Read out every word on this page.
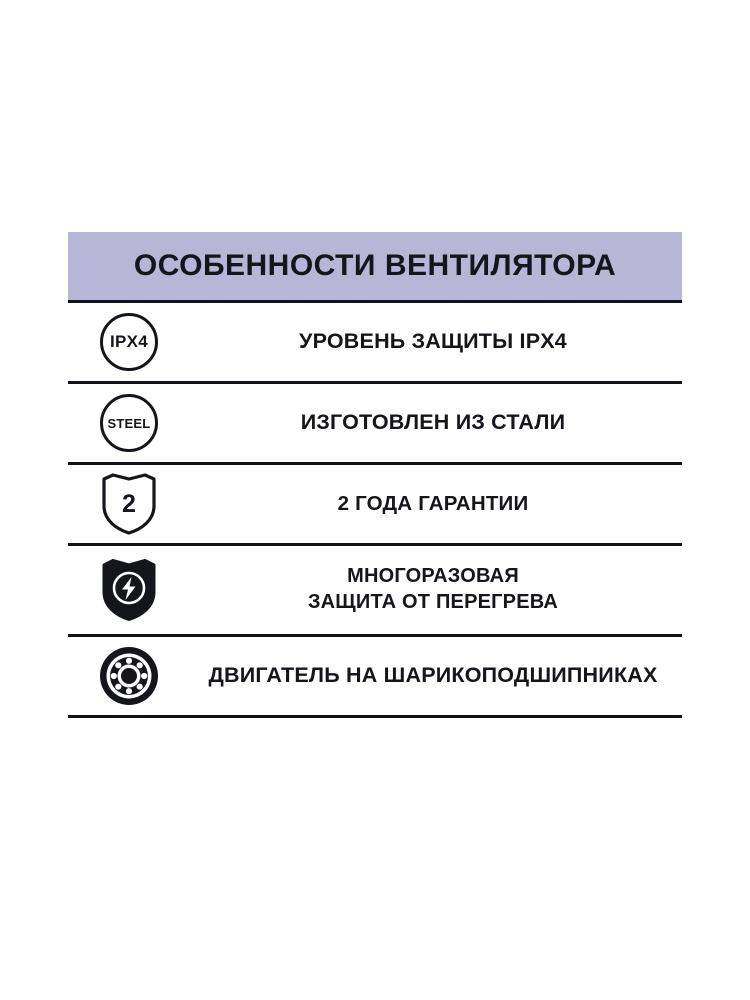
ОСОБЕННОСТИ ВЕНТИЛЯТОРА
IPX4	УРОВЕНЬ ЗАЩИТЫ IPX4
STEEL	ИЗГОТОВЛЕН ИЗ СТАЛИ
2	2 ГОДА ГАРАНТИИ
МНОГОРАЗОВАЯ
ЗАЩИТА ОТ ПЕРЕГРЕВА
ДВИГАТЕЛЬ НА ШАРИКОПОДШИПНИКАХ
